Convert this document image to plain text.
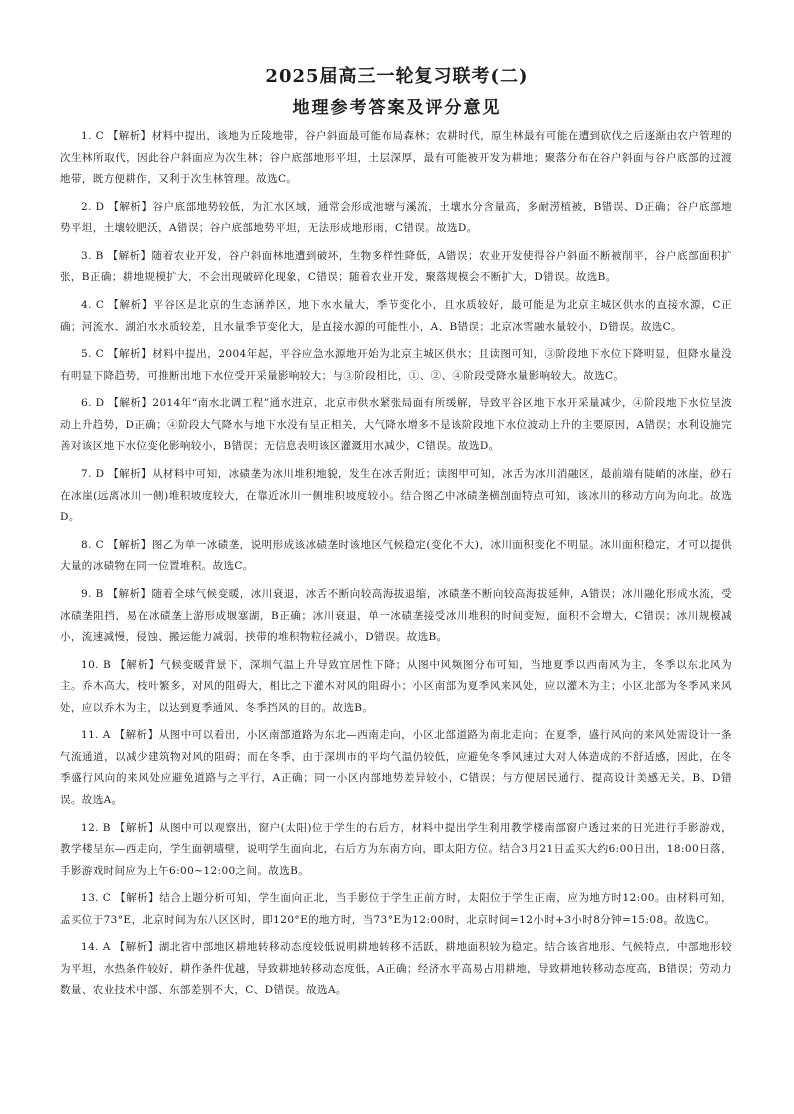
2025届高三一轮复习联考(二)
地理参考答案及评分意见

1. C 【解析】材料中提出，该地为丘陵地带，谷户斜面最可能布局森林；农耕时代，原生林最有可能在遭到砍伐之后逐渐由农户管理的次生林所取代，因此谷户斜面应为次生林；谷户底部地形平坦，土层深厚，最有可能被开发为耕地；聚落分布在谷户斜面与谷户底部的过渡地带，既方便耕作，又利于次生林管理。故选C。

2. D 【解析】谷户底部地势较低，为汇水区域，通常会形成池塘与溪流，土壤水分含量高，多耐涝植被，B错误、D正确；谷户底部地势平坦，土壤较肥沃，A错误；谷户底部地势平坦，无法形成地形雨，C错误。故选D。

3. B 【解析】随着农业开发，谷户斜面林地遭到破坏，生物多样性降低，A错误；农业开发使得谷户斜面不断被削平，谷户底部面积扩张，B正确；耕地规模扩大，不会出现破碎化现象，C错误；随着农业开发，聚落规模会不断扩大，D错误。故选B。

4. C 【解析】平谷区是北京的生态涵养区，地下水水量大，季节变化小，且水质较好，最可能是为北京主城区供水的直接水源，C正确；河流水、湖泊水水质较差，且水量季节变化大，是直接水源的可能性小，A、B错误；北京冰雪融水量较小，D错误。故选C。

5. C 【解析】材料中提出，2004年起，平谷应急水源地开始为北京主城区供水；且读图可知，③阶段地下水位下降明显，但降水量没有明显下降趋势，可推断出地下水位受开采量影响较大；与③阶段相比，①、②、④阶段受降水量影响较大。故选C。

6. D 【解析】2014年“南水北调工程”通水进京，北京市供水紧张局面有所缓解，导致平谷区地下水开采量减少，④阶段地下水位呈波动上升趋势，D正确；④阶段大气降水与地下水没有呈正相关，大气降水增多不是该阶段地下水位波动上升的主要原因，A错误；水利设施完善对该区地下水位变化影响较小，B错误；无信息表明该区灌溉用水减少，C错误。故选D。

7. D 【解析】从材料中可知，冰碛垄为冰川堆积地貌，发生在冰舌附近；读图甲可知，冰舌为冰川消融区，最前端有陡峭的冰崖，砂石在冰崖(远离冰川一侧)堆积坡度较大，在靠近冰川一侧堆积坡度较小。结合图乙中冰碛垄横剖面特点可知，该冰川的移动方向为向北。故选D。

8. C 【解析】图乙为单一冰碛垄，说明形成该冰碛垄时该地区气候稳定(变化不大)，冰川面积变化不明显。冰川面积稳定，才可以提供大量的冰碛物在同一位置堆积。故选C。

9. B 【解析】随着全球气候变暖，冰川衰退，冰舌不断向较高海拔退缩，冰碛垄不断向较高海拔延伸，A错误；冰川融化形成水流，受冰碛垄阻挡，易在冰碛垄上游形成堰塞湖，B正确；冰川衰退，单一冰碛垄接受冰川堆积的时间变短，面积不会增大，C错误；冰川规模减小，流速减慢，侵蚀、搬运能力减弱，挟带的堆积物粒径减小，D错误。故选B。

10. B 【解析】气候变暖背景下，深圳气温上升导致宜居性下降；从图中风频图分布可知，当地夏季以西南风为主，冬季以东北风为主。乔木高大，枝叶繁多，对风的阻碍大，相比之下灌木对风的阻碍小；小区南部为夏季风来风处，应以灌木为主；小区北部为冬季风来风处，应以乔木为主，以达到夏季通风、冬季挡风的目的。故选B。

11. A 【解析】从图中可以看出，小区南部道路为东北—西南走向，小区北部道路为南北走向；在夏季，盛行风向的来风处需设计一条气流通道，以减少建筑物对风的阻碍；而在冬季，由于深圳市的平均气温仍较低，应避免冬季风速过大对人体造成的不舒适感，因此，在冬季盛行风向的来风处应避免道路与之平行，A正确；同一小区内部地势差异较小，C错误；与方便居民通行、提高设计美感无关，B、D错误。故选A。

12. B 【解析】从图中可以观察出，窗户(太阳)位于学生的右后方，材料中提出学生利用教学楼南部窗户透过来的日光进行手影游戏，教学楼呈东—西走向，学生面朝墙壁，说明学生面向北，右后方为东南方向，即太阳方位。结合3月21日孟买大约6:00日出，18:00日落，手影游戏时间应为上午6:00~12:00之间。故选B。

13. C 【解析】结合上题分析可知，学生面向正北，当手影位于学生正前方时，太阳位于学生正南，应为地方时12:00。由材料可知，孟买位于73°E，北京时间为东八区区时，即120°E的地方时，当73°E为12:00时，北京时间=12小时+3小时8分钟=15:08。故选C。

14. A 【解析】湖北省中部地区耕地转移动态度较低说明耕地转移不活跃，耕地面积较为稳定。结合该省地形、气候特点，中部地形较为平坦，水热条件较好，耕作条件优越，导致耕地转移动态度低，A正确；经济水平高易占用耕地，导致耕地转移动态度高，B错误；劳动力数量、农业技术中部、东部差别不大，C、D错误。故选A。
